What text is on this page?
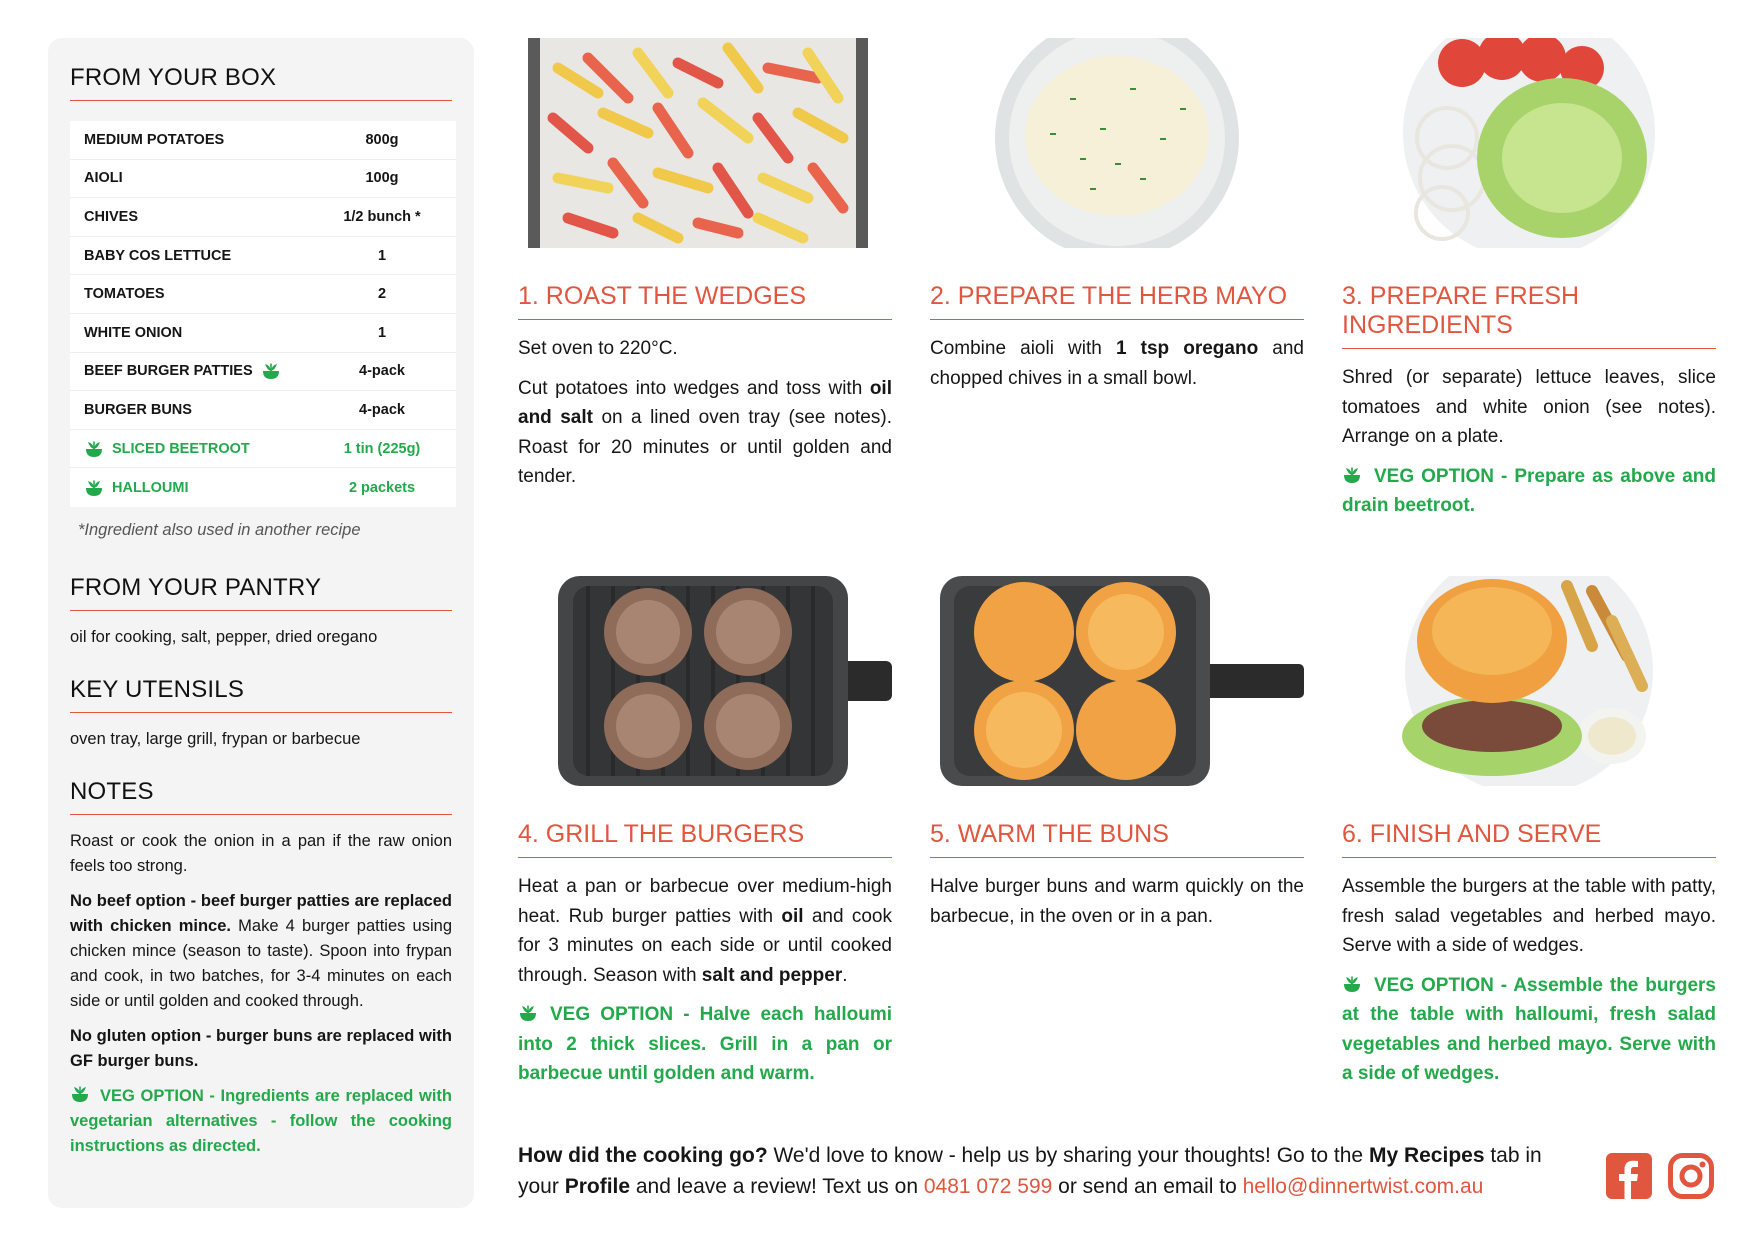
FROM YOUR BOX
MEDIUM POTATOES	800g
AIOLI	100g
CHIVES	1/2 bunch *
BABY COS LETTUCE	1
TOMATOES	2
WHITE ONION	1
BEEF BURGER PATTIES	4-pack
BURGER BUNS	4-pack
SLICED BEETROOT	1 tin (225g)
HALLOUMI	2 packets
*Ingredient also used in another recipe
FROM YOUR PANTRY
oil for cooking, salt, pepper, dried oregano
KEY UTENSILS
oven tray, large grill, frypan or barbecue
NOTES

Roast or cook the onion in a pan if the raw onion feels too strong.

No beef option - beef burger patties are replaced with chicken mince. Make 4 burger patties using chicken mince (season to taste). Spoon into frypan and cook, in two batches, for 3-4 minutes on each side or until golden and cooked through.

No gluten option - burger buns are replaced with GF burger buns.

VEG OPTION - Ingredients are replaced with vegetarian alternatives - follow the cooking instructions as directed.

1. ROAST THE WEDGES

Set oven to 220°C.

Cut potatoes into wedges and toss with oil and salt on a lined oven tray (see notes). Roast for 20 minutes or until golden and tender.

2. PREPARE THE HERB MAYO

Combine aioli with 1 tsp oregano and chopped chives in a small bowl.

3. PREPARE FRESH INGREDIENTS

Shred (or separate) lettuce leaves, slice tomatoes and white onion (see notes). Arrange on a plate.

VEG OPTION - Prepare as above and drain beetroot.

4. GRILL THE BURGERS

Heat a pan or barbecue over medium-high heat. Rub burger patties with oil and cook for 3 minutes on each side or until cooked through. Season with salt and pepper.

VEG OPTION - Halve each halloumi into 2 thick slices. Grill in a pan or barbecue until golden and warm.

5. WARM THE BUNS

Halve burger buns and warm quickly on the barbecue, in the oven or in a pan.

6. FINISH AND SERVE

Assemble the burgers at the table with patty, fresh salad vegetables and herbed mayo. Serve with a side of wedges.

VEG OPTION - Assemble the burgers at the table with halloumi, fresh salad vegetables and herbed mayo. Serve with a side of wedges.

How did the cooking go? We'd love to know - help us by sharing your thoughts! Go to the My Recipes tab in your Profile and leave a review! Text us on 0481 072 599 or send an email to hello@dinnertwist.com.au
